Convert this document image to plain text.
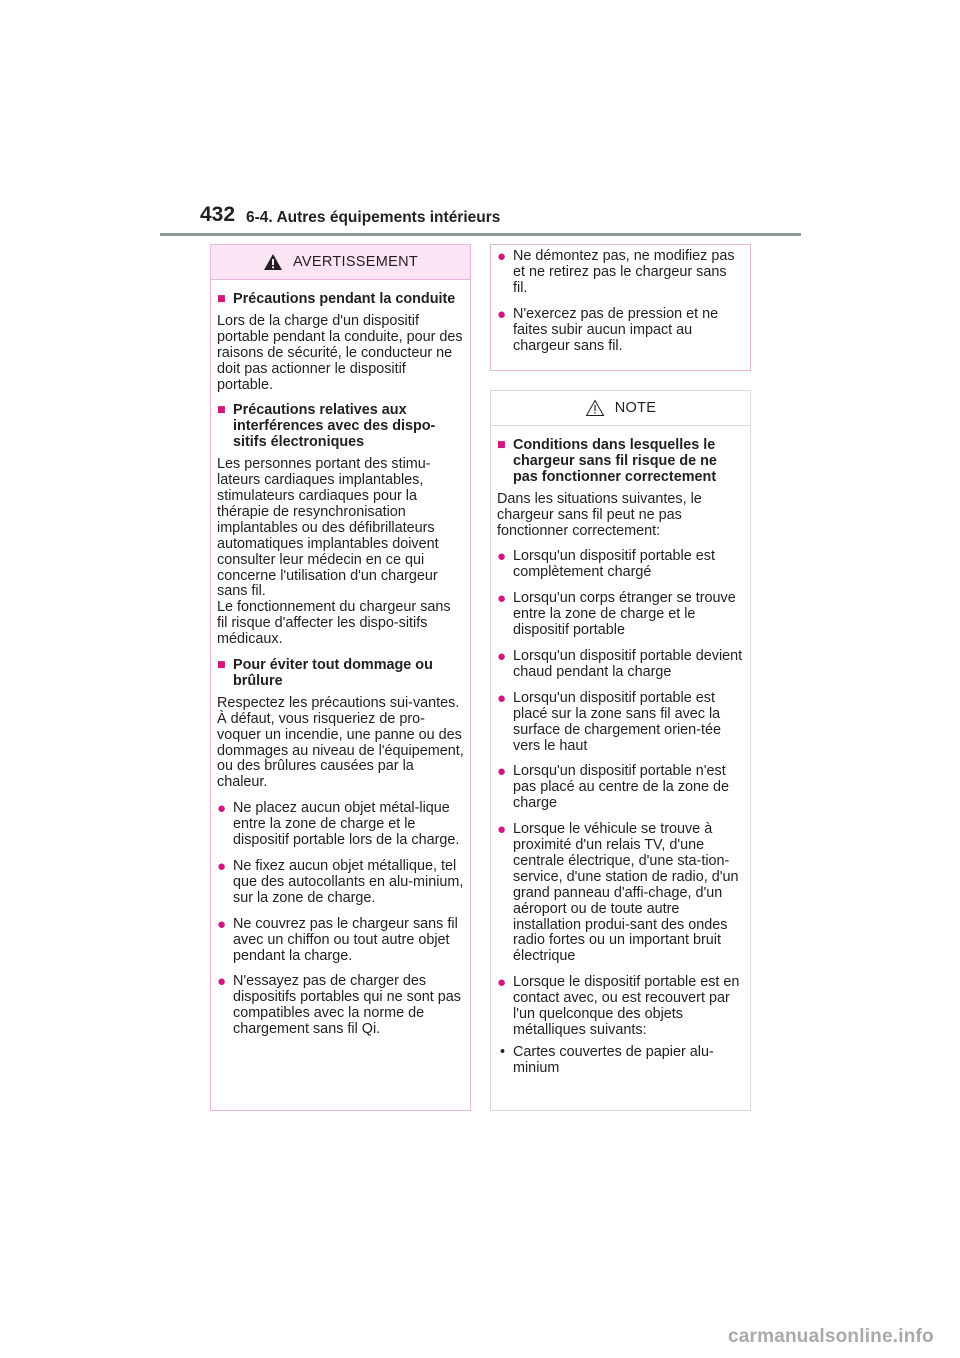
432 6-4. Autres équipements intérieurs
AVERTISSEMENT
■ Précautions pendant la conduite
Lors de la charge d'un dispositif portable pendant la conduite, pour des raisons de sécurité, le conducteur ne doit pas actionner le dispositif portable.
■ Précautions relatives aux interférences avec des dispo-sitifs électroniques
Les personnes portant des stimu-lateurs cardiaques implantables, stimulateurs cardiaques pour la thérapie de resynchronisation implantables ou des défibrillateurs automatiques implantables doivent consulter leur médecin en ce qui concerne l'utilisation d'un chargeur sans fil.
Le fonctionnement du chargeur sans fil risque d'affecter les dispo-sitifs médicaux.
■ Pour éviter tout dommage ou brûlure
Respectez les précautions sui-vantes.
À défaut, vous risqueriez de pro-voquer un incendie, une panne ou des dommages au niveau de l'équipement, ou des brûlures causées par la chaleur.
● Ne placez aucun objet métal-lique entre la zone de charge et le dispositif portable lors de la charge.
● Ne fixez aucun objet métallique, tel que des autocollants en alu-minium, sur la zone de charge.
● Ne couvrez pas le chargeur sans fil avec un chiffon ou tout autre objet pendant la charge.
● N'essayez pas de charger des dispositifs portables qui ne sont pas compatibles avec la norme de chargement sans fil Qi.
● Ne démontez pas, ne modifiez pas et ne retirez pas le chargeur sans fil.
● N'exercez pas de pression et ne faites subir aucun impact au chargeur sans fil.
NOTE
■ Conditions dans lesquelles le chargeur sans fil risque de ne pas fonctionner correctement
Dans les situations suivantes, le chargeur sans fil peut ne pas fonctionner correctement:
● Lorsqu'un dispositif portable est complètement chargé
● Lorsqu'un corps étranger se trouve entre la zone de charge et le dispositif portable
● Lorsqu'un dispositif portable devient chaud pendant la charge
● Lorsqu'un dispositif portable est placé sur la zone sans fil avec la surface de chargement orien-tée vers le haut
● Lorsqu'un dispositif portable n'est pas placé au centre de la zone de charge
● Lorsque le véhicule se trouve à proximité d'un relais TV, d'une centrale électrique, d'une sta-tion-service, d'une station de radio, d'un grand panneau d'affi-chage, d'un aéroport ou de toute autre installation produi-sant des ondes radio fortes ou un important bruit électrique
● Lorsque le dispositif portable est en contact avec, ou est recouvert par l'un quelconque des objets métalliques suivants:
• Cartes couvertes de papier alu-minium
carmanualsonline.info
